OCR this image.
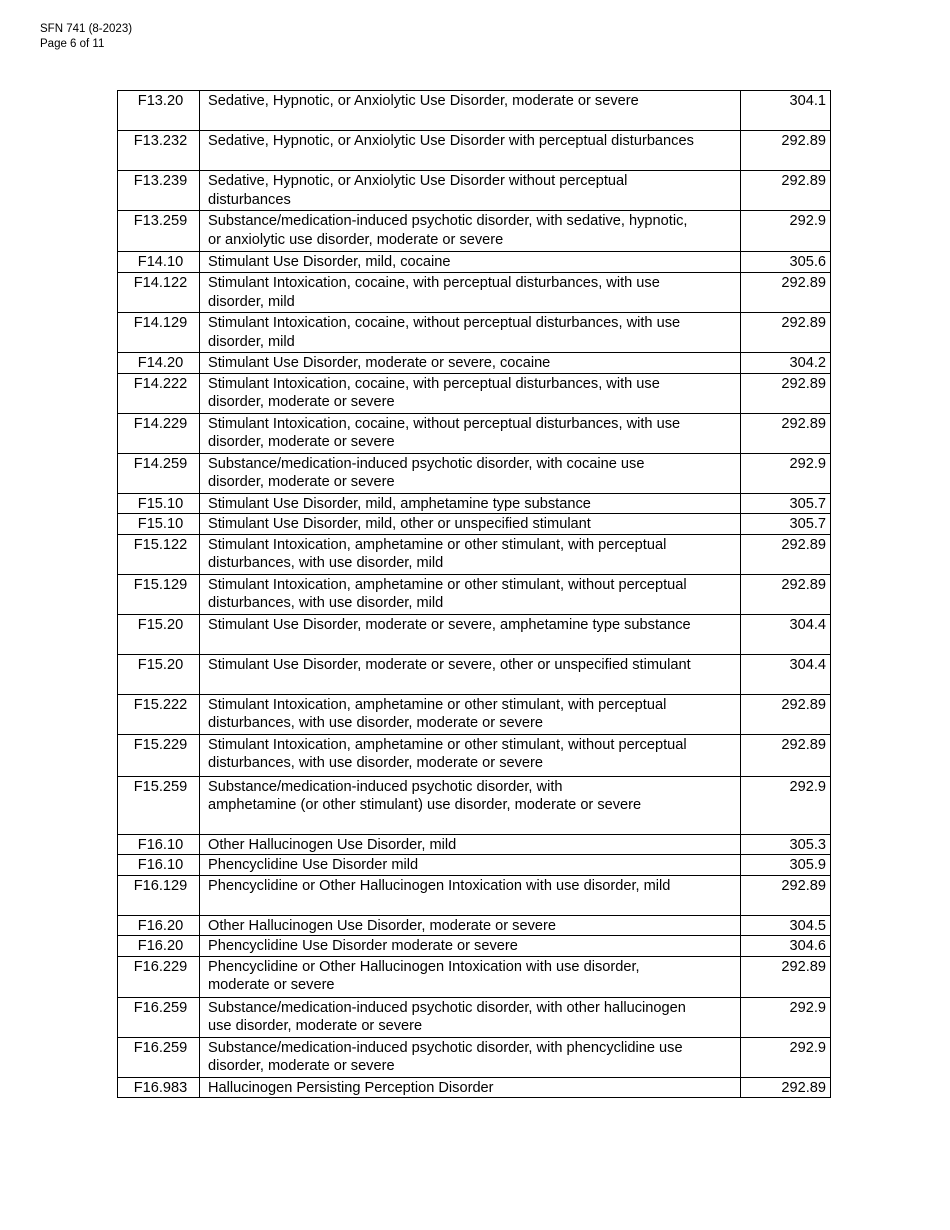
SFN 741 (8-2023)
Page 6 of 11
F13.20	Sedative, Hypnotic, or Anxiolytic Use Disorder, moderate or severe	304.1
F13.232	Sedative, Hypnotic, or Anxiolytic Use Disorder with perceptual disturbances	292.89
F13.239	Sedative, Hypnotic, or Anxiolytic Use Disorder without perceptual
disturbances	292.89
F13.259	Substance/medication-induced psychotic disorder, with sedative, hypnotic,
or anxiolytic use disorder, moderate or severe	292.9
F14.10	Stimulant Use Disorder, mild, cocaine	305.6
F14.122	Stimulant Intoxication, cocaine, with perceptual disturbances, with use
disorder, mild	292.89
F14.129	Stimulant Intoxication, cocaine, without perceptual disturbances, with use
disorder, mild	292.89
F14.20	Stimulant Use Disorder, moderate or severe, cocaine	304.2
F14.222	Stimulant Intoxication, cocaine, with perceptual disturbances, with use
disorder, moderate or severe	292.89
F14.229	Stimulant Intoxication, cocaine, without perceptual disturbances, with use
disorder, moderate or severe	292.89
F14.259	Substance/medication-induced psychotic disorder, with cocaine use
disorder, moderate or severe	292.9
F15.10	Stimulant Use Disorder, mild, amphetamine type substance	305.7
F15.10	Stimulant Use Disorder, mild, other or unspecified stimulant	305.7
F15.122	Stimulant Intoxication, amphetamine or other stimulant, with perceptual
disturbances, with use disorder, mild	292.89
F15.129	Stimulant Intoxication, amphetamine or other stimulant, without perceptual
disturbances, with use disorder, mild	292.89
F15.20	Stimulant Use Disorder, moderate or severe, amphetamine type substance	304.4
F15.20	Stimulant Use Disorder, moderate or severe, other or unspecified stimulant	304.4
F15.222	Stimulant Intoxication, amphetamine or other stimulant, with perceptual
disturbances, with use disorder, moderate or severe	292.89
F15.229	Stimulant Intoxication, amphetamine or other stimulant, without perceptual
disturbances, with use disorder, moderate or severe	292.89
F15.259	Substance/medication-induced psychotic disorder, with
amphetamine (or other stimulant) use disorder, moderate or severe	292.9
F16.10	Other Hallucinogen Use Disorder, mild	305.3
F16.10	Phencyclidine Use Disorder mild	305.9
F16.129	Phencyclidine or Other Hallucinogen Intoxication with use disorder, mild	292.89
F16.20	Other Hallucinogen Use Disorder, moderate or severe	304.5
F16.20	Phencyclidine Use Disorder moderate or severe	304.6
F16.229	Phencyclidine or Other Hallucinogen Intoxication with use disorder,
moderate or severe	292.89
F16.259	Substance/medication-induced psychotic disorder, with other hallucinogen
use disorder, moderate or severe	292.9
F16.259	Substance/medication-induced psychotic disorder, with phencyclidine use
disorder, moderate or severe	292.9
F16.983	Hallucinogen Persisting Perception Disorder	292.89
